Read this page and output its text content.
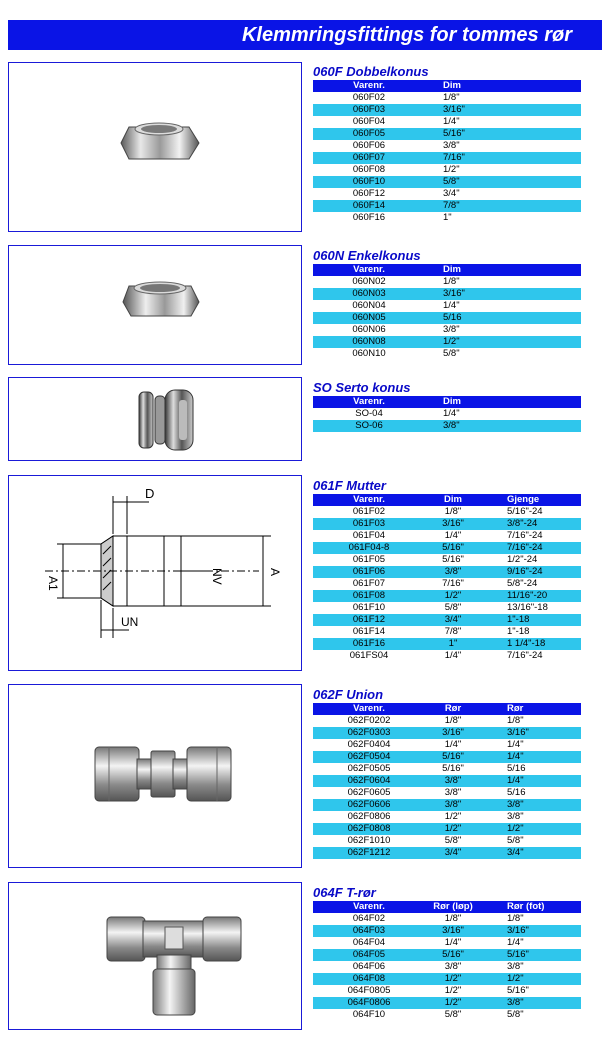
Klemmringsfittings for tommes rør
D
A1	NV	A
UN
060F Dobbelkonus
Varenr.	Dim
060F02	1/8"
060F03	3/16"
060F04	1/4"
060F05	5/16"
060F06	3/8"
060F07	7/16"
060F08	1/2"
060F10	5/8"
060F12	3/4"
060F14	7/8"
060F16	1"
060N Enkelkonus
Varenr.	Dim
060N02	1/8"
060N03	3/16"
060N04	1/4"
060N05	5/16
060N06	3/8"
060N08	1/2"
060N10	5/8"
SO Serto konus
Varenr.	Dim
SO-04	1/4"
SO-06	3/8"
061F Mutter
Varenr.	Dim	Gjenge
061F02	1/8"	5/16"-24
061F03	3/16"	3/8"-24
061F04	1/4"	7/16"-24
061F04-8	5/16"	7/16"-24
061F05	5/16"	1/2"-24
061F06	3/8"	9/16"-24
061F07	7/16"	5/8"-24
061F08	1/2"	11/16"-20
061F10	5/8"	13/16"-18
061F12	3/4"	1"-18
061F14	7/8"	1"-18
061F16	1"	1 1/4"-18
061FS04	1/4"	7/16"-24
062F Union
Varenr.	Rør	Rør
062F0202	1/8"	1/8"
062F0303	3/16"	3/16"
062F0404	1/4"	1/4"
062F0504	5/16"	1/4"
062F0505	5/16"	5/16
062F0604	3/8"	1/4"
062F0605	3/8"	5/16
062F0606	3/8"	3/8"
062F0806	1/2"	3/8"
062F0808	1/2"	1/2"
062F1010	5/8"	5/8"
062F1212	3/4"	3/4"
064F T-rør
Varenr.	Rør (løp)	Rør (fot)
064F02	1/8"	1/8"
064F03	3/16"	3/16"
064F04	1/4"	1/4"
064F05	5/16"	5/16"
064F06	3/8"	3/8"
064F08	1/2"	1/2"
064F0805	1/2"	5/16"
064F0806	1/2"	3/8"
064F10	5/8"	5/8"
